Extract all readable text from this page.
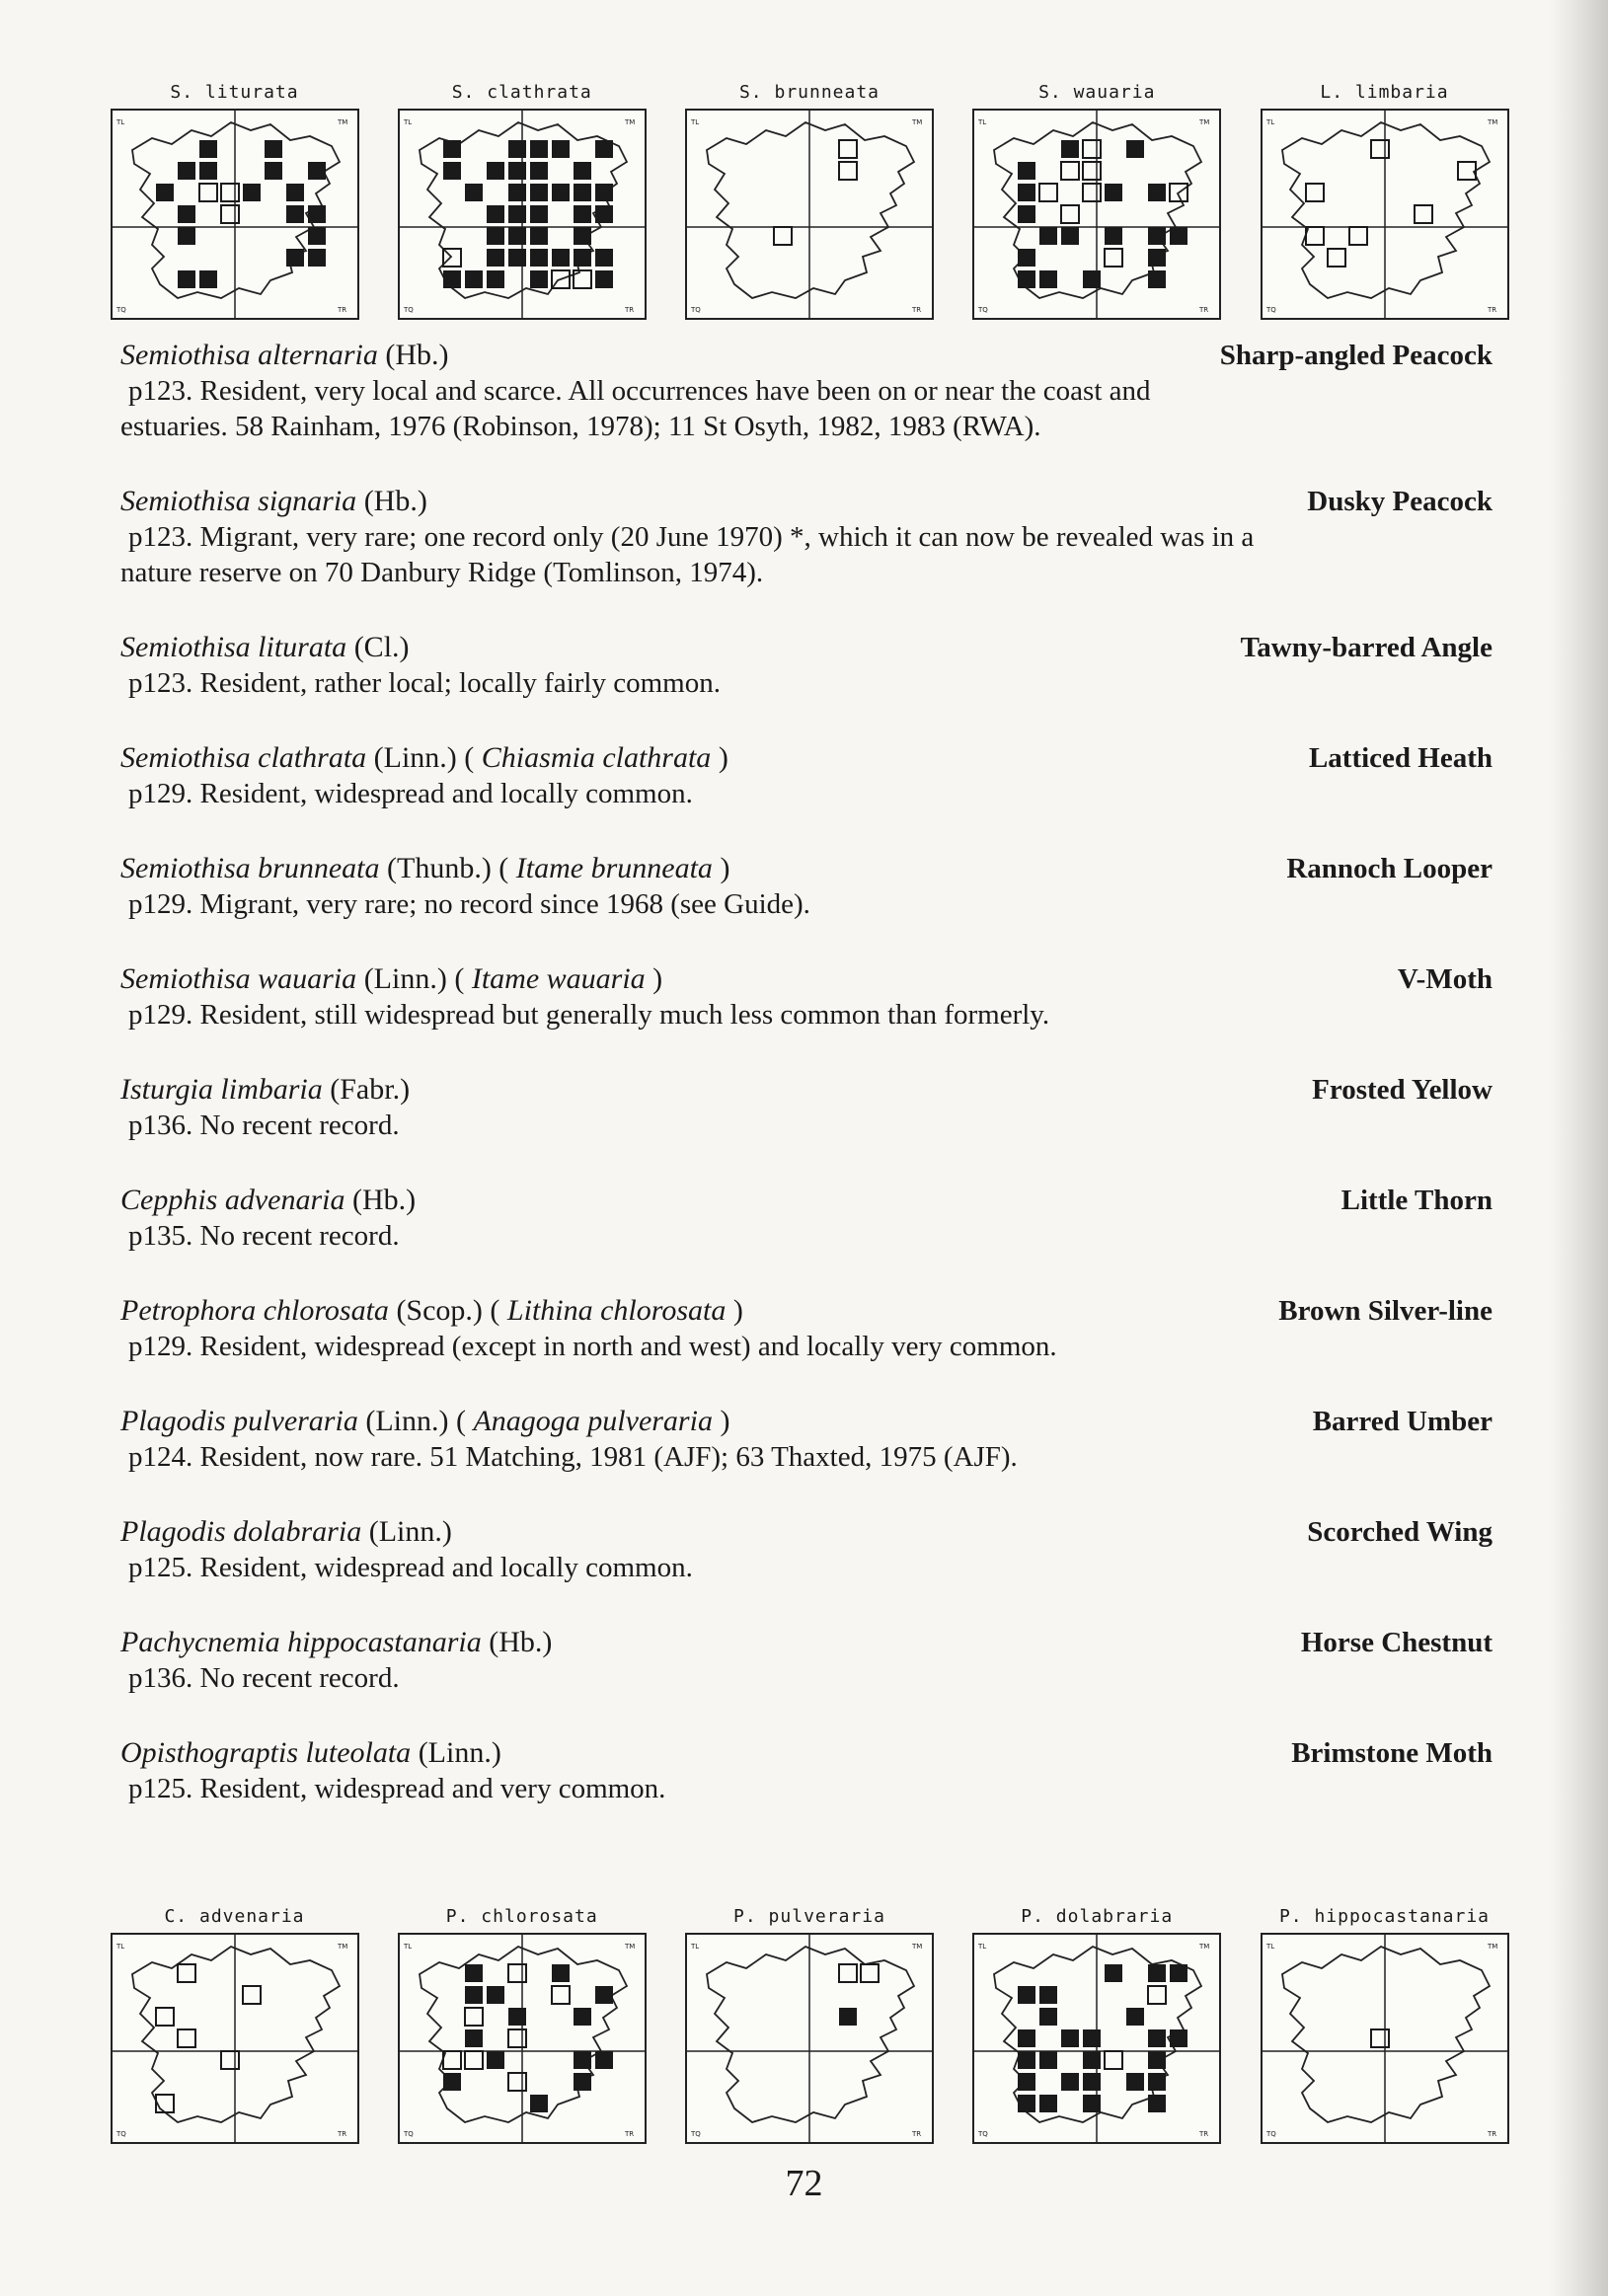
S. liturata
TL	TM
TQ	TR
S. clathrata
TL	TM
TQ	TR
S. brunneata
TL	TM
TQ	TR
S. wauaria
TL	TM
TQ	TR
L. limbaria
TL	TM
TQ	TR
Semiothisa alternaria (Hb.)	Sharp-angled Peacock
p123. Resident, very local and scarce. All occurrences have been on or near the coast and
estuaries. 58 Rainham, 1976 (Robinson, 1978); 11 St Osyth, 1982, 1983 (RWA).
Semiothisa signaria (Hb.)	Dusky Peacock
p123. Migrant, very rare; one record only (20 June 1970) *, which it can now be revealed was in a
nature reserve on 70 Danbury Ridge (Tomlinson, 1974).
Semiothisa liturata (Cl.)	Tawny-barred Angle
p123. Resident, rather local; locally fairly common.
Semiothisa clathrata (Linn.) ( Chiasmia clathrata )	Latticed Heath
p129. Resident, widespread and locally common.
Semiothisa brunneata (Thunb.) ( Itame brunneata )	Rannoch Looper
p129. Migrant, very rare; no record since 1968 (see Guide).
Semiothisa wauaria (Linn.) ( Itame wauaria )	V-Moth
p129. Resident, still widespread but generally much less common than formerly.
Isturgia limbaria (Fabr.)	Frosted Yellow
p136. No recent record.
Cepphis advenaria (Hb.)	Little Thorn
p135. No recent record.
Petrophora chlorosata (Scop.) ( Lithina chlorosata )	Brown Silver-line
p129. Resident, widespread (except in north and west) and locally very common.
Plagodis pulveraria (Linn.) ( Anagoga pulveraria )	Barred Umber
p124. Resident, now rare. 51 Matching, 1981 (AJF); 63 Thaxted, 1975 (AJF).
Plagodis dolabraria (Linn.)	Scorched Wing
p125. Resident, widespread and locally common.
Pachycnemia hippocastanaria (Hb.)	Horse Chestnut
p136. No recent record.
Opisthograptis luteolata (Linn.)	Brimstone Moth
p125. Resident, widespread and very common.
72
C. advenaria
TL	TM
TQ	TR
P. chlorosata
TL	TM
TQ	TR
P. pulveraria
TL	TM
TQ	TR
P. dolabraria
TL	TM
TQ	TR
P. hippocastanaria
TL	TM
TQ	TR
